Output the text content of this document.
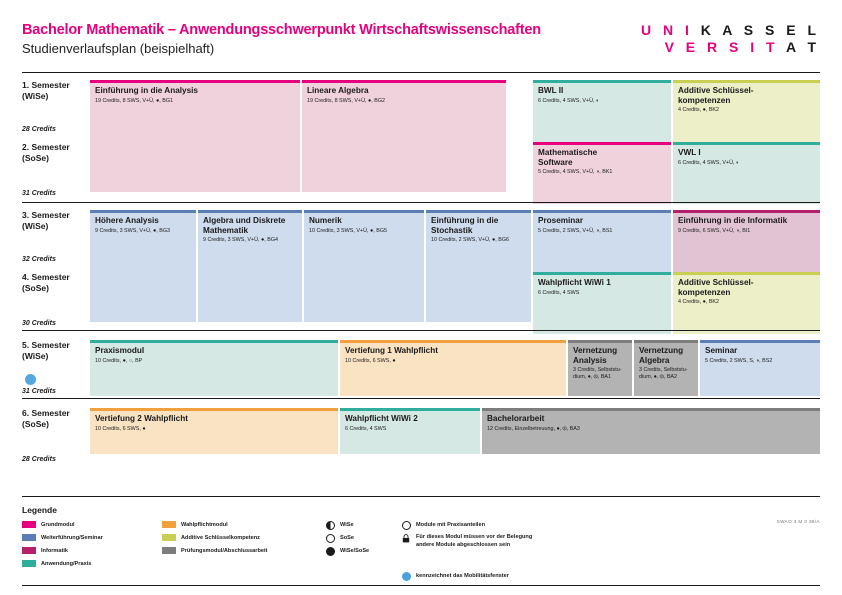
Bachelor Mathematik – Anwendungsschwerpunkt Wirtschaftswissenschaften
Studienverlaufsplan (beispielhaft)
U N I K A S S E L
V E R S I T A T
1. Semester
(WiSe)
28 Credits
Einführung in die Analysis
19 Credits, 8 SWS, V+Ü, ●, BG1
Lineare Algebra
19 Credits, 8 SWS, V+Ü, ●, BG2
BWL II
6 Credits, 4 SWS, V+Ü, ◐
Additive Schlüssel-
kompetenzen
4 Credits, ●, BK2
2. Semester
(SoSe)
31 Credits
Mathematische
Software
5 Credits, 4 SWS, V+Ü, ◑, BK1
VWL I
6 Credits, 4 SWS, V+Ü, ◐
3. Semester
(WiSe)
32 Credits
Höhere Analysis
9 Credits, 3 SWS, V+Ü, ●, BG3
Algebra und Diskrete
Mathematik
9 Credits, 3 SWS, V+Ü, ●, BG4
Numerik
10 Credits, 3 SWS, V+Ü, ●, BG5
Einführung in die
Stochastik
10 Credits, 2 SWS, V+Ü, ●, BG6
Proseminar
5 Credits, 2 SWS, V+Ü, ◑, BS1
Einführung in die Informatik
9 Credits, 6 SWS, V+Ü, ◑, BI1
4. Semester
(SoSe)
30 Credits
Wahlpflicht WiWi 1
6 Credits, 4 SWS
Additive Schlüssel-
kompetenzen
4 Credits, ●, BK2
5. Semester
(WiSe)
31 Credits
Praxismodul
10 Credits, ●, ○, BP
Vertiefung 1 Wahlpflicht
10 Credits, 6 SWS, ●
Vernetzung
Analysis
3 Credits, Selbststu- dium, ●, ⦶, BA1
Vernetzung
Algebra
3 Credits, Selbststu- dium, ●, ⦶, BA2
Seminar
5 Credits, 2 SWS, S, ◑, BS2
6. Semester
(SoSe)
28 Credits
Vertiefung 2 Wahlpflicht
10 Credits, 6 SWS, ●
Wahlpflicht WiWi 2
6 Credits, 4 SWS
Bachelorarbeit
12 Credits, Einzelbetreuung, ●, ⦶, BA3
Legende
SWAO 3 M 0 38/A
Grundmodul
Weiterführung/Seminar
Informatik
Anwendung/Praxis
Wahlpflichtmodul
Additive Schlüsselkompetenz
Prüfungsmodul/Abschlussarbeit
WiSe
SoSe
WiSe/SoSe
Module mit Praxisanteilen
Für dieses Modul müssen vor der Belegung andere Module abgeschlossen sein
kennzeichnet das Mobilitätsfenster
